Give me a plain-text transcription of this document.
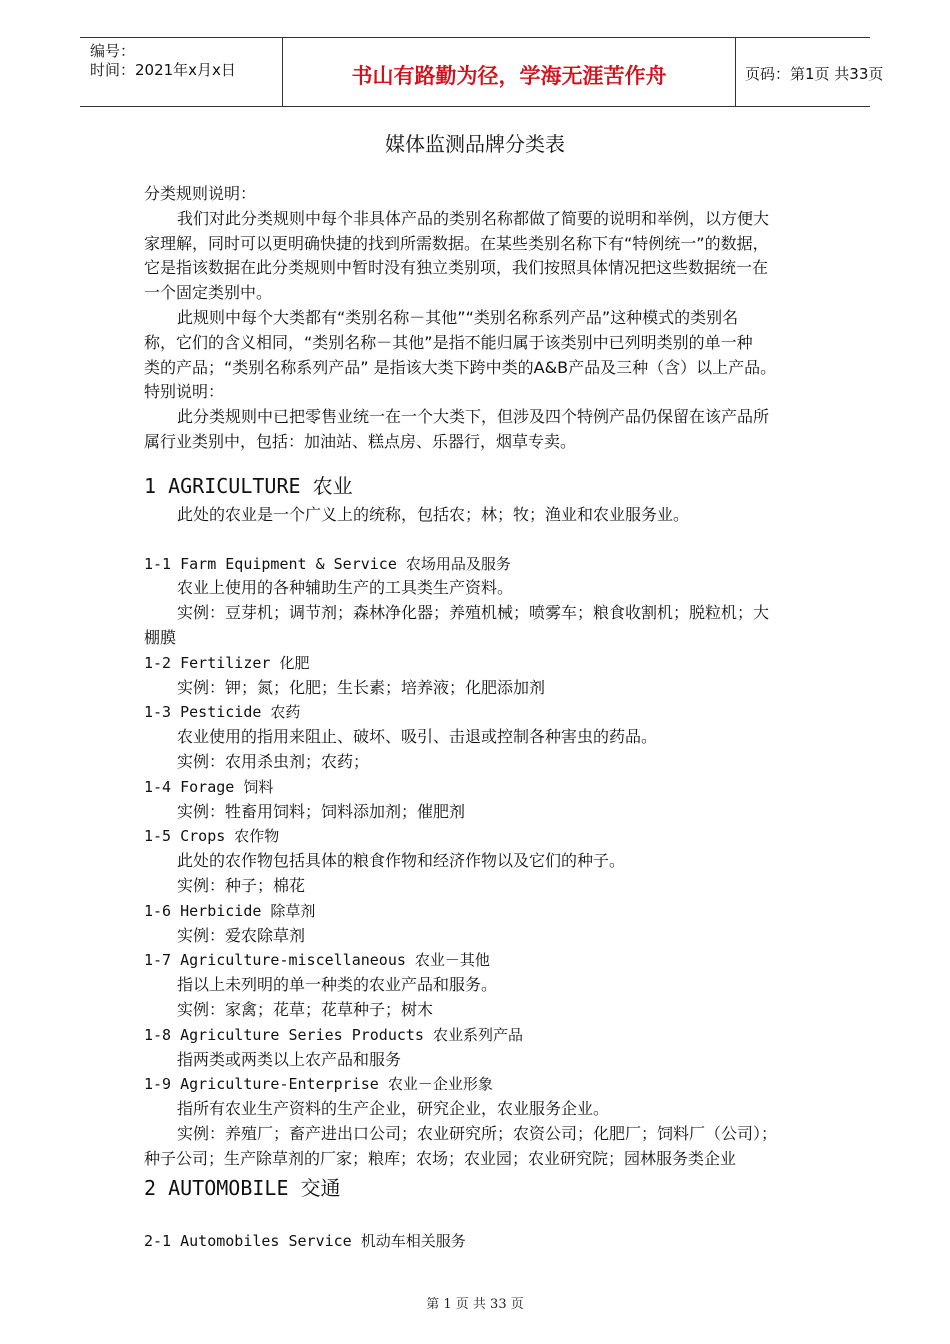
编号：
时间：2021年x月x日	书山有路勤为径，学海无涯苦作舟	页码：第1页 共33页
媒体监测品牌分类表
分类规则说明：
我们对此分类规则中每个非具体产品的类别名称都做了简要的说明和举例，以方便大
家理解，同时可以更明确快捷的找到所需数据。在某些类别名称下有“特例统一”的数据，
它是指该数据在此分类规则中暂时没有独立类别项，我们按照具体情况把这些数据统一在
一个固定类别中。
此规则中每个大类都有“类别名称－其他”“类别名称系列产品”这种模式的类别名
称，它们的含义相同，“类别名称－其他”是指不能归属于该类别中已列明类别的单一种
类的产品；“类别名称系列产品” 是指该大类下跨中类的A&B产品及三种（含）以上产品。
特别说明：
此分类规则中已把零售业统一在一个大类下，但涉及四个特例产品仍保留在该产品所
属行业类别中，包括：加油站、糕点房、乐器行，烟草专卖。
1 AGRICULTURE 农业
此处的农业是一个广义上的统称，包括农；林；牧；渔业和农业服务业。
1-1 Farm Equipment & Service 农场用品及服务
农业上使用的各种辅助生产的工具类生产资料。
实例：豆芽机；调节剂；森林净化器；养殖机械；喷雾车；粮食收割机；脱粒机；大
棚膜
1-2 Fertilizer 化肥
实例：钾；氮；化肥；生长素；培养液；化肥添加剂
1-3 Pesticide 农药
农业使用的指用来阻止、破坏、吸引、击退或控制各种害虫的药品。
实例：农用杀虫剂；农药；
1-4 Forage 饲料
实例：牲畜用饲料；饲料添加剂；催肥剂
1-5 Crops 农作物
此处的农作物包括具体的粮食作物和经济作物以及它们的种子。
实例：种子；棉花
1-6 Herbicide 除草剂
实例：爱农除草剂
1-7 Agriculture-miscellaneous 农业－其他
指以上未列明的单一种类的农业产品和服务。
实例：家禽；花草；花草种子；树木
1-8 Agriculture Series Products 农业系列产品
指两类或两类以上农产品和服务
1-9 Agriculture-Enterprise 农业－企业形象
指所有农业生产资料的生产企业，研究企业，农业服务企业。
实例：养殖厂；畜产进出口公司；农业研究所；农资公司；化肥厂；饲料厂（公司）；
种子公司；生产除草剂的厂家；粮库；农场；农业园；农业研究院；园林服务类企业
2 AUTOMOBILE 交通
2-1 Automobiles Service 机动车相关服务
第 1 页 共 33 页
